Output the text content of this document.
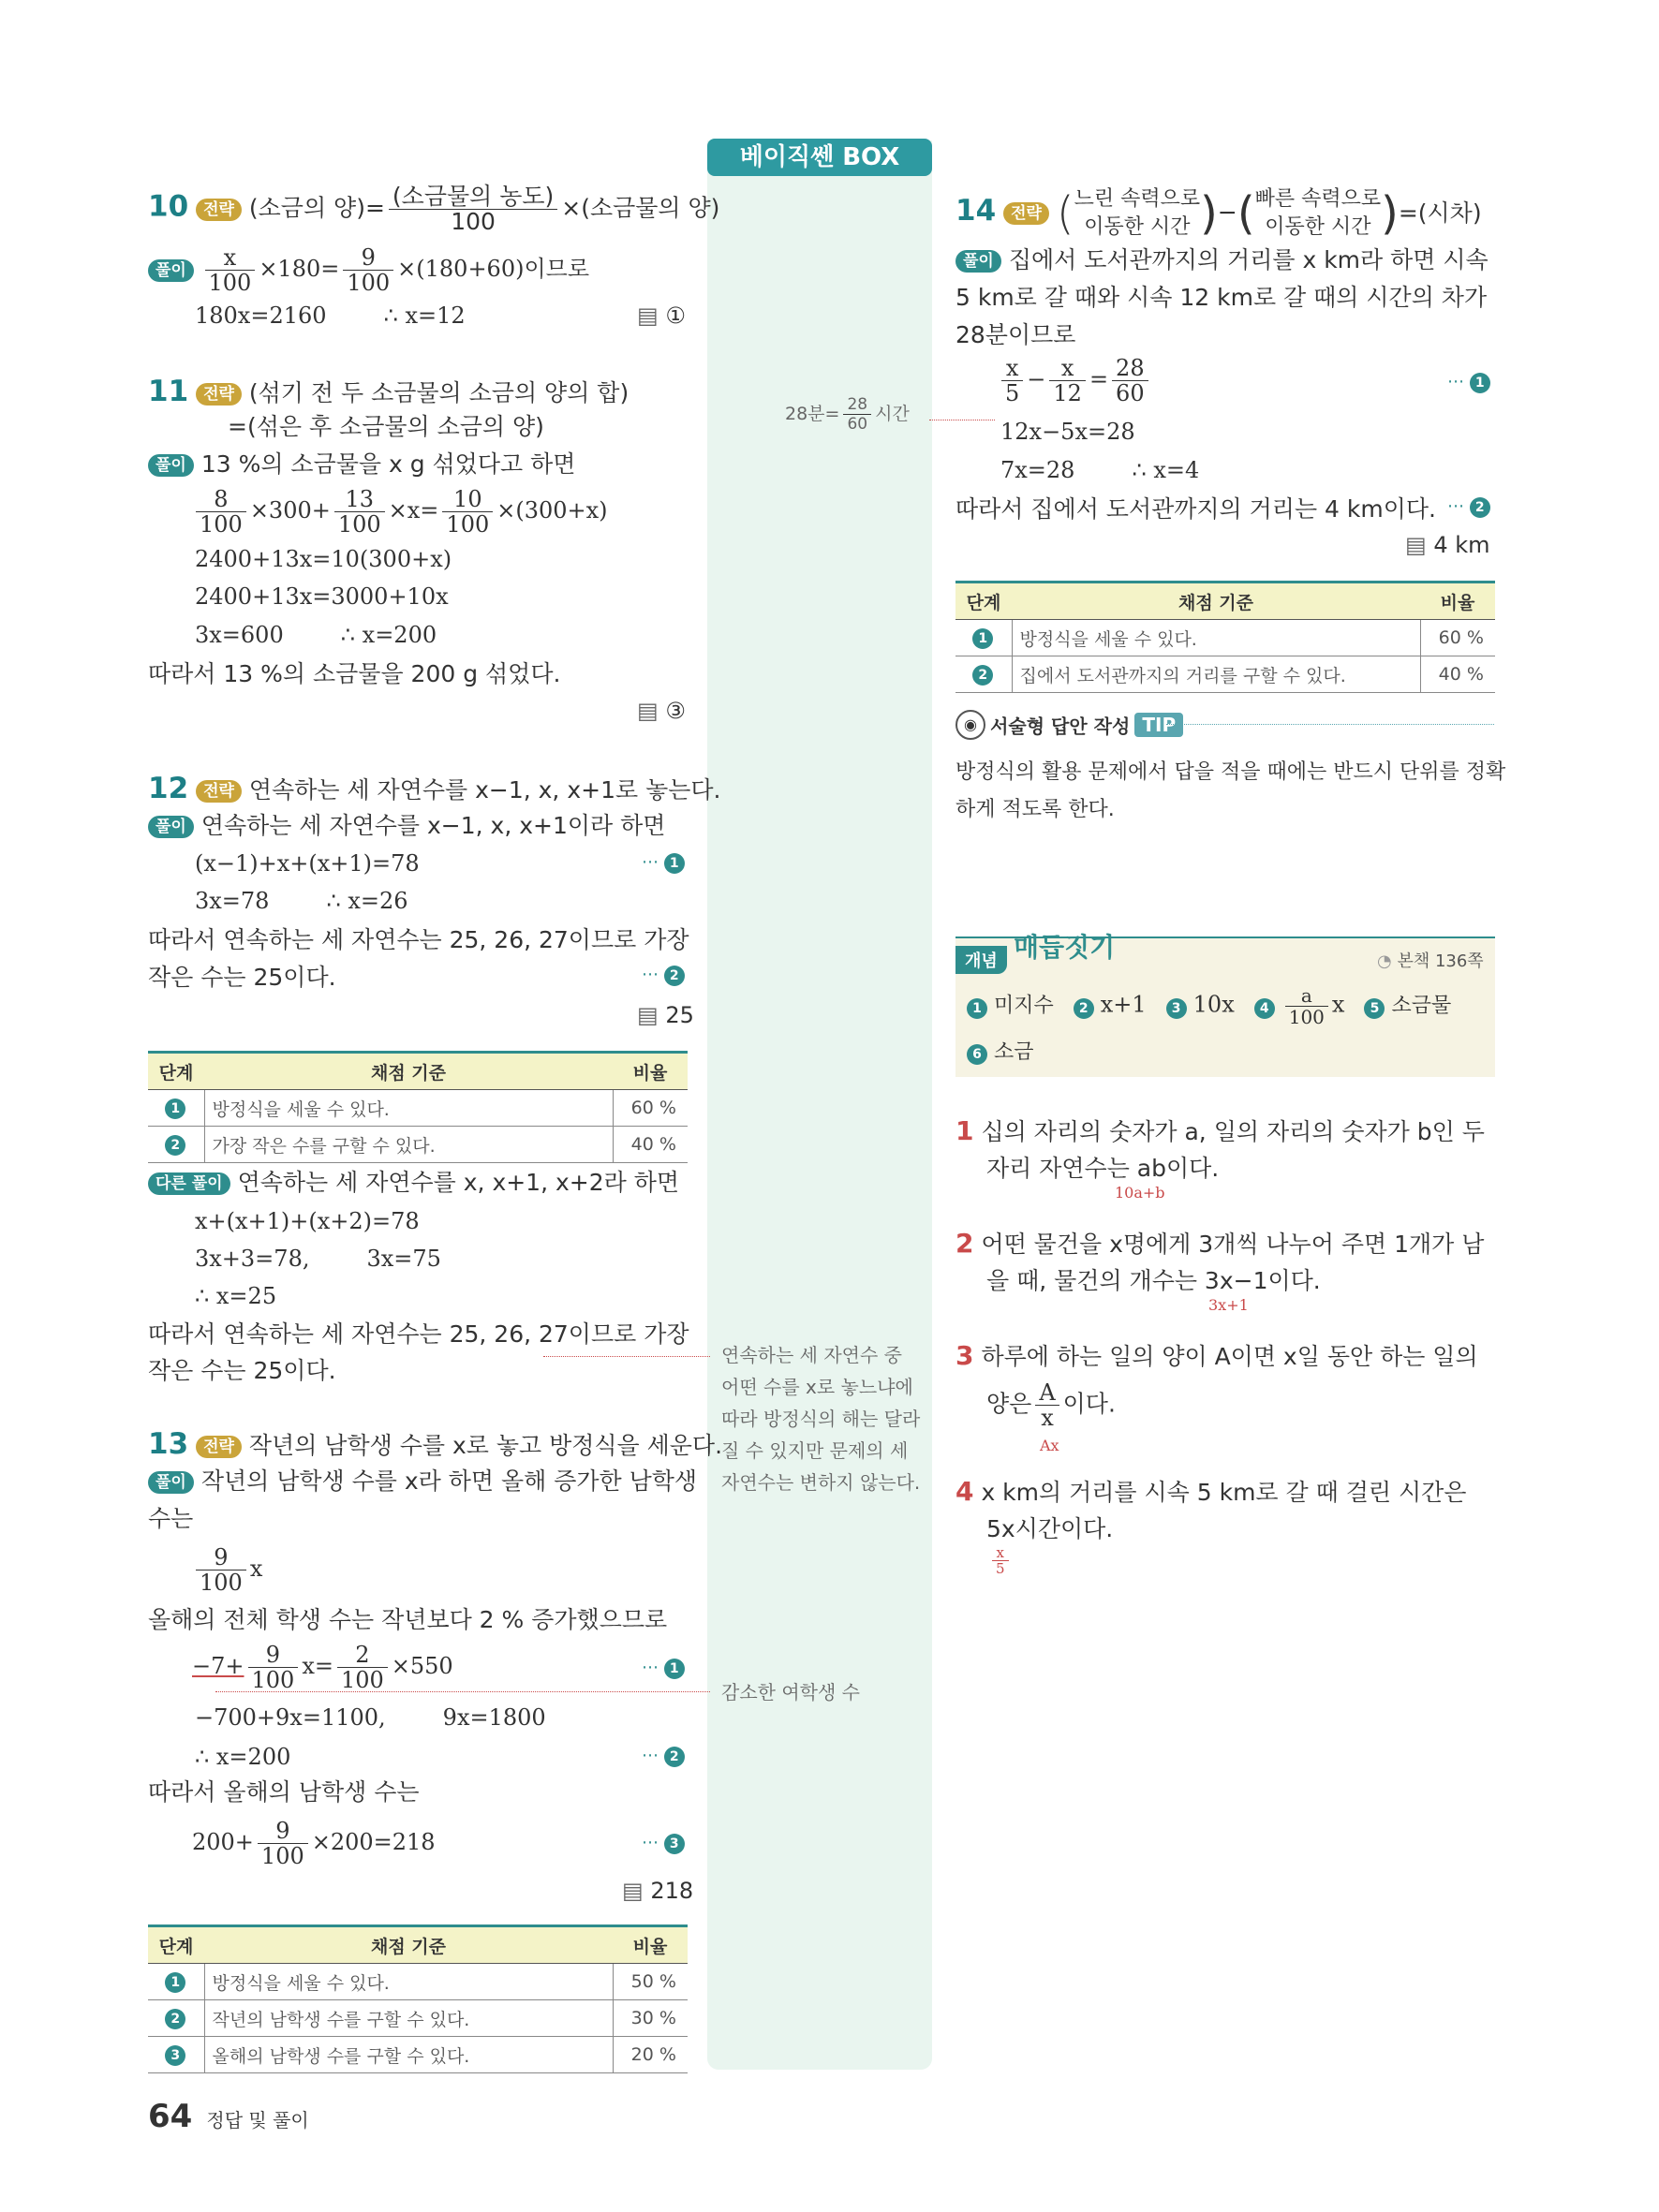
베이직쎈 BOX
10 전략 (소금의 양)= $\frac{\text{(소금물의 농도)}}{100}$ ×(소금물의 양)
풀이 $\frac{x}{100} \times 180= \frac{9}{100} \times(180+60)$이므로
180x=2160        ∴ x=12	▤ ①
11 전략 (섞기 전 두 소금물의 소금의 양의 합)
=(섞은 후 소금물의 소금의 양)
풀이 13 %의 소금물을 x g 섞었다고 하면
$\frac{8}{100} \times 300+ \frac{13}{100} \times x= \frac{10}{100} \times(300+x)$
2400+13x=10(300+x)
2400+13x=3000+10x
3x=600        ∴ x=200
따라서 13 %의 소금물을 200 g 섞었다.
▤ ③
12 전략 연속하는 세 자연수를 x−1, x, x+1로 놓는다.
풀이 연속하는 세 자연수를 x−1, x, x+1이라 하면
(x−1)+x+(x+1)=78	⋯ 1
3x=78        ∴ x=26
따라서 연속하는 세 자연수는 25, 26, 27이므로 가장
작은 수는 25이다.	⋯ 2
▤ 25
단계	채점 기준	비율
1	방정식을 세울 수 있다.	60 %
2	가장 작은 수를 구할 수 있다.	40 %
다른 풀이 연속하는 세 자연수를 x, x+1, x+2라 하면
x+(x+1)+(x+2)=78
3x+3=78,        3x=75
∴ x=25
따라서 연속하는 세 자연수는 25, 26, 27이므로 가장
작은 수는 25이다.
연속하는 세 자연수 중 어떤 수를 x로 놓느냐에 따라 방정식의 해는 달라질 수 있지만 문제의 세 자연수는 변하지 않는다.
13 전략 작년의 남학생 수를 x로 놓고 방정식을 세운다.
풀이 작년의 남학생 수를 x라 하면 올해 증가한 남학생
수는
$\frac{9}{100}$ x
올해의 전체 학생 수는 작년보다 2 % 증가했으므로
$-7+ \frac{9}{100} x= \frac{2}{100} \times 550$	⋯ 1
감소한 여학생 수
−700+9x=1100,        9x=1800
∴ x=200	⋯ 2
따라서 올해의 남학생 수는
$200+ \frac{9}{100} \times 200=218$	⋯ 3
▤ 218
단계	채점 기준	비율
1	방정식을 세울 수 있다.	50 %
2	작년의 남학생 수를 구할 수 있다.	30 %
3	올해의 남학생 수를 구할 수 있다.	20 %
64 정답 및 풀이
14 전략 ( 느린 속력으로
이동한 시간 )−( 빠른 속력으로
이동한 시간 )=(시차)
풀이 집에서 도서관까지의 거리를 x km라 하면 시속
5 km로 갈 때와 시속 12 km로 갈 때의 시간의 차가
28분이므로
$\frac{x}{5} - \frac{x}{12} = \frac{28}{60}$	⋯ 1
12x−5x=28
7x=28        ∴ x=4
따라서 집에서 도서관까지의 거리는 4 km이다. ⋯ 2
▤ 4 km
28분= $\frac{28}{60}$ 시간
단계	채점 기준	비율
1	방정식을 세울 수 있다.	60 %
2	집에서 도서관까지의 거리를 구할 수 있다.	40 %
◉ 서술형 답안 작성 TIP
방정식의 활용 문제에서 답을 적을 때에는 반드시 단위를 정확
하게 적도록 한다.
개념 매듭짓기	◔ 본책 136쪽
1 미지수 2 x+1 3 10x $4 \frac{a}{100}$ x 5 소금물
6 소금
1 십의 자리의 숫자가 a, 일의 자리의 숫자가 b인 두
자리 자연수는 ab이다.
10a+b
2 어떤 물건을 x명에게 3개씩 나누어 주면 1개가 남
을 때, 물건의 개수는 3x−1이다.
3x+1
3 하루에 하는 일의 양이 A이면 x일 동안 하는 일의
양은 $\frac{A}{x}$ 이다.
Ax
4 x km의 거리를 시속 5 km로 갈 때 걸린 시간은
5x시간이다.
$\frac{x}{5}$
